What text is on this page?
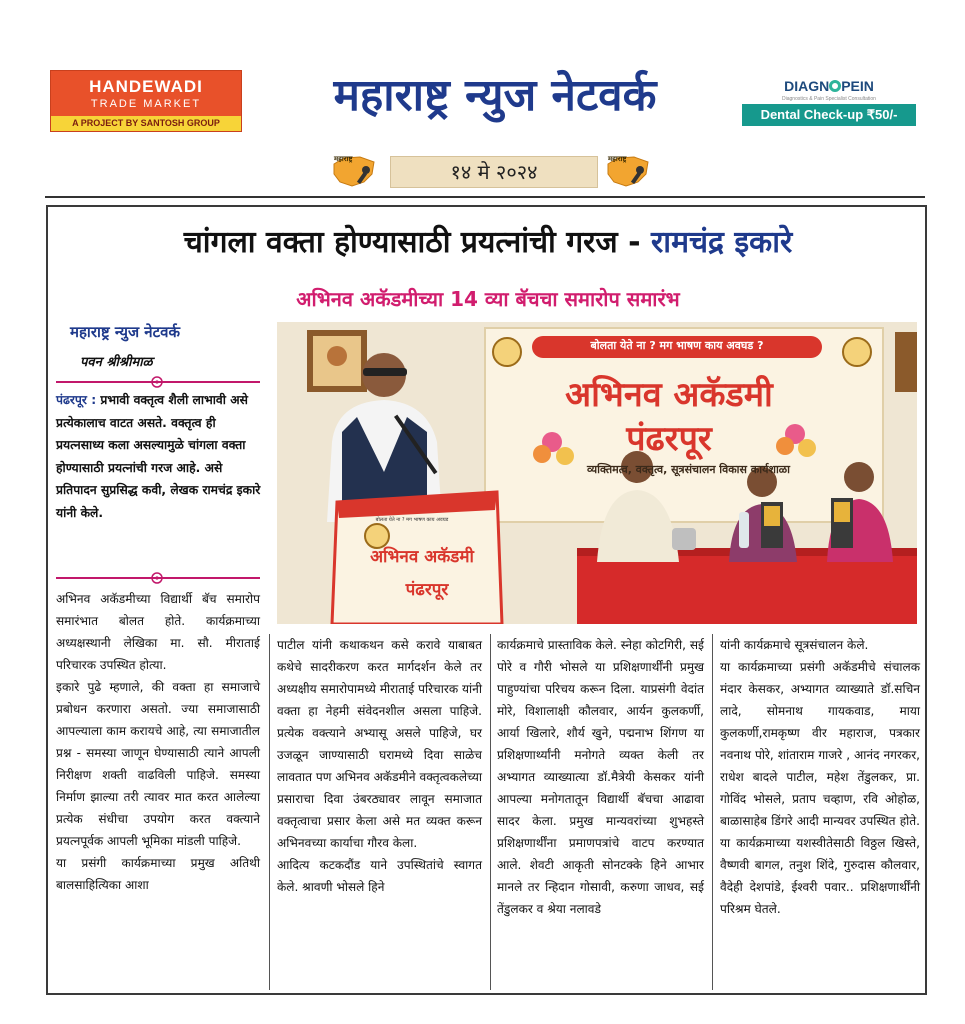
HANDEWADI
TRADE MARKET
A PROJECT BY SANTOSH GROUP
महाराष्ट्र न्युज नेटवर्क	DIAGN PEIN
Diagnostics & Pain Specialist Consultation
Dental Check-up ₹50/-
महाराष्ट्र
१४ मे २०२४
महाराष्ट्र
चांगला वक्ता होण्यासाठी प्रयत्नांची गरज - रामचंद्र इकारे
अभिनव अकॅडमीच्या 14 व्या बॅचचा समारोप समारंभ
महाराष्ट्र न्युज नेटवर्क
पवन श्रीश्रीमाळ
पंढरपूर : प्रभावी वक्तृत्व शैली लाभावी असे प्रत्येकालाच वाटत असते. वक्तृत्व ही प्रयत्नसाध्य कला असल्यामुळे चांगला वक्ता होण्यासाठी प्रयत्नांची गरज आहे. असे प्रतिपादन सुप्रसिद्ध कवी, लेखक रामचंद्र इकारे यांनी केले.
बोलता येते ना ? मग भाषण काय अवघड ?
अभिनव अकॅडमी
पंढरपूर
व्यक्तिमत्व, वक्तृत्व, सूत्रसंचालन विकास कार्यशाळा
बोलता येते ना ? मग भाषण काय अवघड
अभिनव अकॅडमी
पंढरपूर

अभिनव अकॅडमीच्या विद्यार्थी बॅच समारोप समारंभात बोलत होते. कार्यक्रमाच्या अध्यक्षस्थानी लेखिका मा. सौ. मीराताई परिचारक उपस्थित होत्या.

इकारे पुढे म्हणाले, की वक्ता हा समाजाचे प्रबोधन करणारा असतो. ज्या समाजासाठी आपल्याला काम करायचे आहे, त्या समाजातील प्रश्न - समस्या जाणून घेण्यासाठी त्याने आपली निरीक्षण शक्ती वाढविली पाहिजे. समस्या निर्माण झाल्या तरी त्यावर मात करत आलेल्या प्रत्येक संधीचा उपयोग करत वक्त्याने प्रयत्नपूर्वक आपली भूमिका मांडली पाहिजे.

या प्रसंगी कार्यक्रमाच्या प्रमुख अतिथी बालसाहित्यिका आशा

पाटील यांनी कथाकथन कसे करावे याबाबत कथेचे सादरीकरण करत मार्गदर्शन केले तर अध्यक्षीय समारोपामध्ये मीराताई परिचारक यांनी वक्ता हा नेहमी संवेदनशील असला पाहिजे. प्रत्येक वक्त्याने अभ्यासू असले पाहिजे, घर उजळून जाण्यासाठी घरामध्ये दिवा साळेच लावतात पण अभिनव अकॅडमीने वक्तृत्वकलेच्या प्रसाराचा दिवा उंबरठ्यावर लावून समाजात वक्तृत्वाचा प्रसार केला असे मत व्यक्त करून अभिनवच्या कार्याचा गौरव केला.

आदित्य कटकदौंड याने उपस्थितांचे स्वागत केले. श्रावणी भोसले हिने

कार्यक्रमाचे प्रास्ताविक केले. स्नेहा कोटगिरी, सई पोरे व गौरी भोसले या प्रशिक्षणार्थींनी प्रमुख पाहुण्यांचा परिचय करून दिला. याप्रसंगी वेदांत मोरे, विशालाक्षी कौलवार, आर्यन कुलकर्णी, आर्या खिलारे, शौर्य खुने, पद्मनाभ शिंगण या प्रशिक्षणार्थ्यांनी मनोगते व्यक्त केली तर अभ्यागत व्याख्यात्या डॉ.मैत्रेयी केसकर यांनी आपल्या मनोगतातून विद्यार्थी बॅचचा आढावा सादर केला. प्रमुख मान्यवरांच्या शुभहस्ते प्रशिक्षणार्थींना प्रमाणपत्रांचे वाटप करण्यात आले. शेवटी आकृती सोनटक्के हिने आभार मानले तर न्हिदान गोसावी, करुणा जाधव, सई तेंडुलकर व श्रेया नलावडे

यांनी कार्यक्रमाचे सूत्रसंचालन केले.

या कार्यक्रमाच्या प्रसंगी अकॅडमीचे संचालक मंदार केसकर, अभ्यागत व्याख्याते डॉ.सचिन लादे, सोमनाथ गायकवाड, माया कुलकर्णी,रामकृष्ण वीर महाराज, पत्रकार नवनाथ पोरे, शांताराम गाजरे , आनंद नगरकर, राधेश बादले पाटील, महेश तेंडुलकर, प्रा. गोविंद भोसले, प्रताप चव्हाण, रवि ओहोळ, बाळासाहेब डिंगरे आदी मान्यवर उपस्थित होते. या कार्यक्रमाच्या यशस्वीतेसाठी विठ्ठल खिस्ते, वैष्णवी बागल, तनुश शिंदे, गुरुदास कौलवार, वैदेही देशपांडे, ईश्वरी पवार.. प्रशिक्षणार्थींनी परिश्रम घेतले.
